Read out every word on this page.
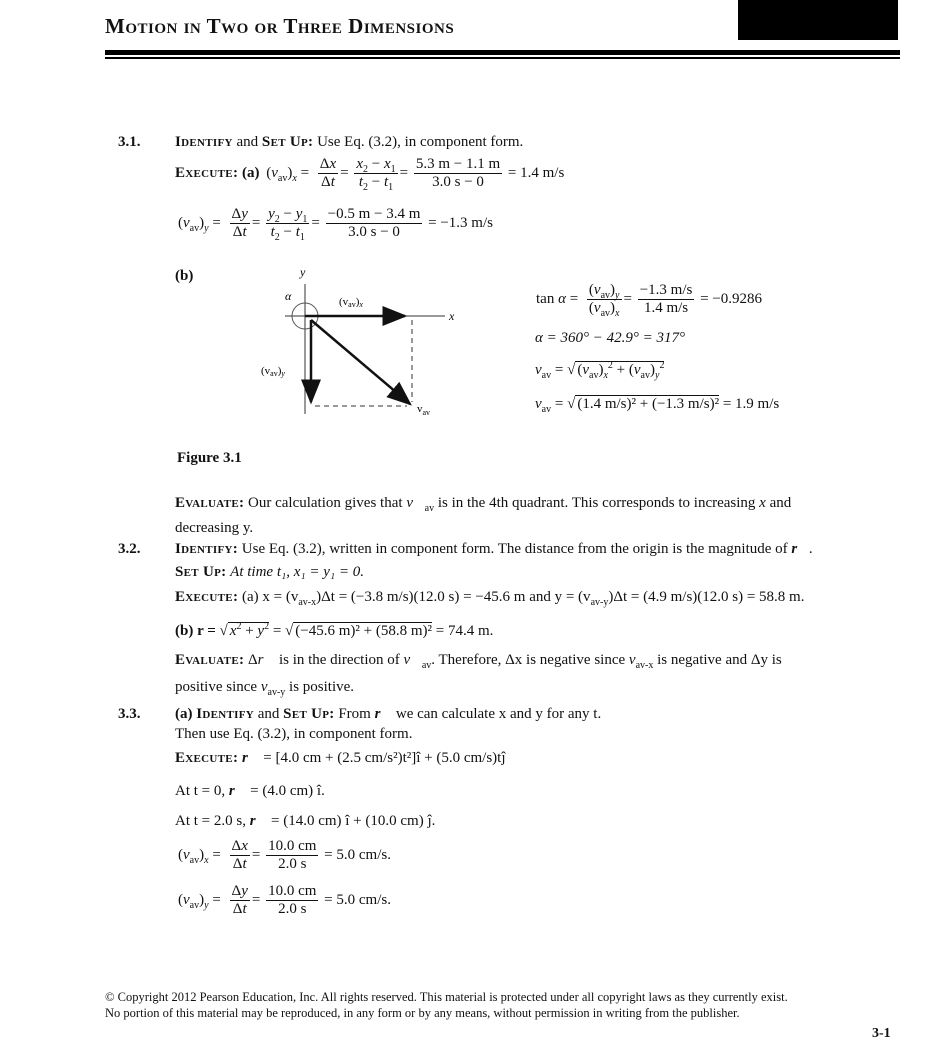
Motion in Two or Three Dimensions
3.1. Identify and Set Up: Use Eq. (3.2), in component form.
Execute: (a) $(v_{av})_x = \frac{\Delta x}{\Delta t} = \frac{x_2 - x_1}{t_2 - t_1} = \frac{5.3 m - 1.1 m}{3.0 s - 0} = 1.4$ m/s
$(v_{av})_y = \frac{\Delta y}{\Delta t} = \frac{y_2 - y_1}{t_2 - t_1} = \frac{-0.5 m - 3.4 m}{3.0 s - 0} = -1.3$ m/s
(b)	y
x
α	(vav)x
(vav)y
$v_{av}$
$\tan \alpha = \frac{(v_{av})_y}{(v_{av})_x} = \frac{-1.3 m/s}{1.4 m/s} = -0.9286$
α = 360° − 42.9° = 317°
$v_{av}$ = √ $(v_{av})_x^2 + (v_{av})_y^2$
$v_{av}$ = √ (1.4 m/s)² + (−1.3 m/s)² = 1.9 m/s
Figure 3.1
Evaluate: Our calculation gives that $v⃗_{av}$ is in the 4th quadrant. This corresponds to increasing x and
decreasing y.
3.2. Identify: Use Eq. (3.2), written in component form. The distance from the origin is the magnitude of r⃗.
Set Up: At time t₁, x₁ = y₁ = 0.
Execute: (a) $x = (v_{av-x})\Delta t = (-3.8$ m/s)(12.0 s) = −45.6 m and $y = (v_{av-y})\Delta t = (4.9$ m/s)(12.0 s) = 58.8 m.
(b) r = √ $x^2 + y^2$ = √ (−45.6 m)² + (58.8 m)² = 74.4 m.
Evaluate: Δr⃗ is in the direction of $v⃗_{av}$. Therefore, Δx is negative since $v_{av-x}$ is negative and Δy is
positive since $v_{av-y}$ is positive.
3.3. (a) Identify and Set Up: From r⃗ we can calculate x and y for any t.
Then use Eq. (3.2), in component form.
Execute: r⃗ = [4.0 cm + (2.5 cm/s²)t²]î + (5.0 cm/s)tĵ
At t = 0, r⃗ = (4.0 cm) î.
At t = 2.0 s, r⃗ = (14.0 cm) î + (10.0 cm) ĵ.
$(v_{av})_x = \frac{\Delta x}{\Delta t} = \frac{10.0 cm}{2.0 s} = 5.0$ cm/s.
$(v_{av})_y = \frac{\Delta y}{\Delta t} = \frac{10.0 cm}{2.0 s} = 5.0$ cm/s.
© Copyright 2012 Pearson Education, Inc. All rights reserved. This material is protected under all copyright laws as they currently exist.
No portion of this material may be reproduced, in any form or by any means, without permission in writing from the publisher.
3-1
